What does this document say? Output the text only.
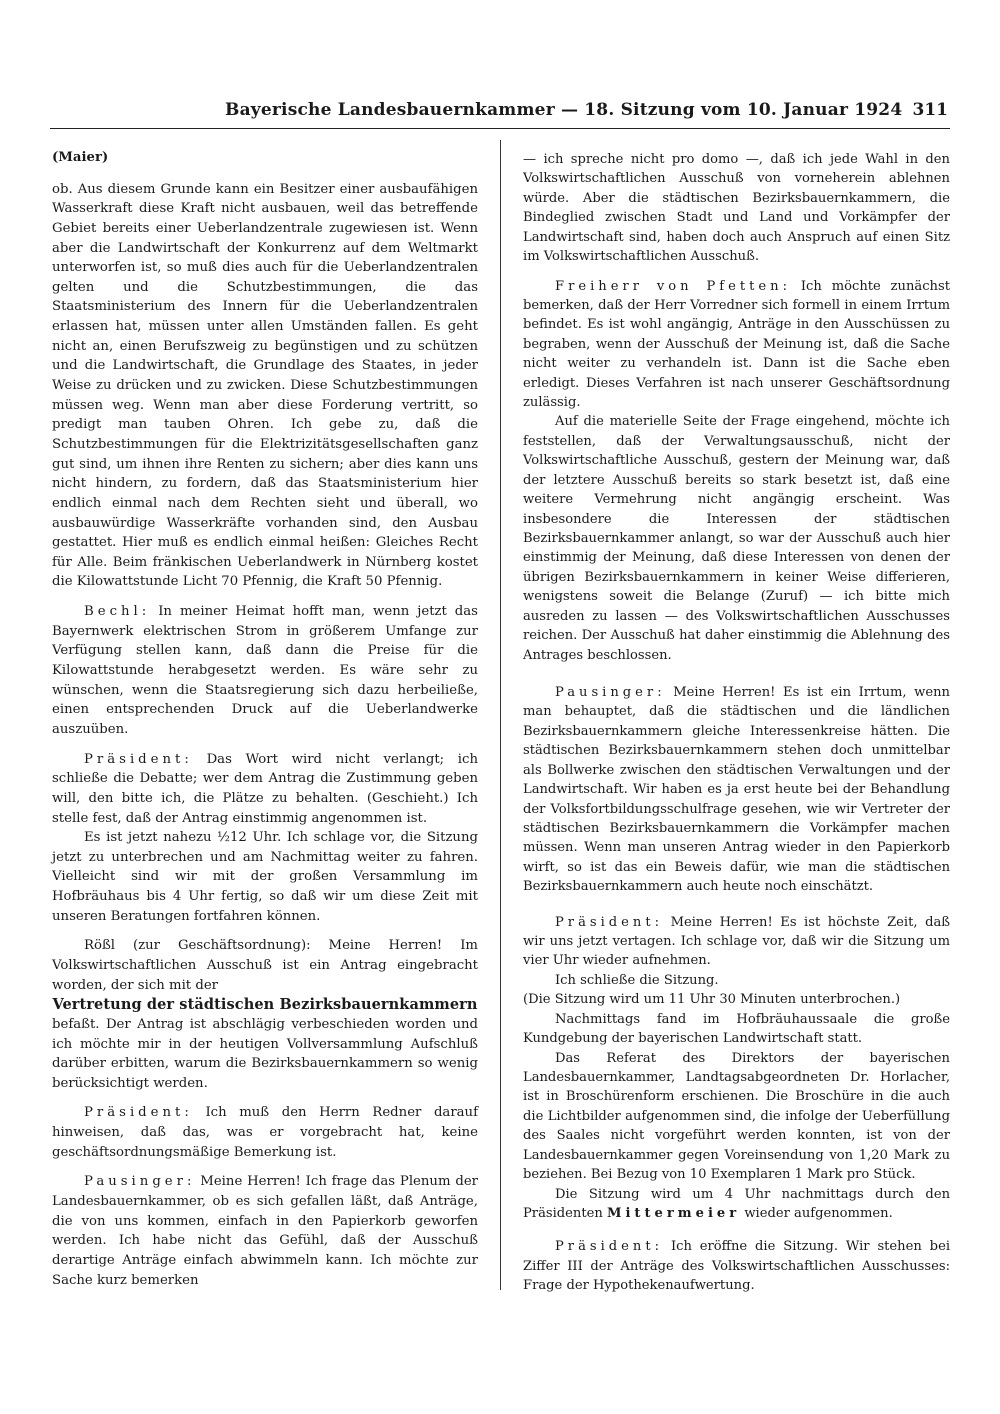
Bayerische Landesbauernkammer — 18. Sitzung vom 10. Januar 1924 311

(Maier)

ob. Aus diesem Grunde kann ein Besitzer einer ausbaufähigen Wasserkraft diese Kraft nicht ausbauen, weil das betreffende Gebiet bereits einer Ueberlandzentrale zugewiesen ist. Wenn aber die Landwirtschaft der Konkurrenz auf dem Weltmarkt unterworfen ist, so muß dies auch für die Ueberlandzentralen gelten und die Schutzbestimmungen, die das Staatsministerium des Innern für die Ueberlandzentralen erlassen hat, müssen unter allen Umständen fallen. Es geht nicht an, einen Berufszweig zu begünstigen und zu schützen und die Landwirtschaft, die Grundlage des Staates, in jeder Weise zu drücken und zu zwicken. Diese Schutzbestimmungen müssen weg. Wenn man aber diese Forderung vertritt, so predigt man tauben Ohren. Ich gebe zu, daß die Schutzbestimmungen für die Elektrizitätsgesellschaften ganz gut sind, um ihnen ihre Renten zu sichern; aber dies kann uns nicht hindern, zu fordern, daß das Staatsministerium hier endlich einmal nach dem Rechten sieht und überall, wo ausbauwürdige Wasserkräfte vorhanden sind, den Ausbau gestattet. Hier muß es endlich einmal heißen: Gleiches Recht für Alle. Beim fränkischen Ueberlandwerk in Nürnberg kostet die Kilowattstunde Licht 70 Pfennig, die Kraft 50 Pfennig.

Bechl: In meiner Heimat hofft man, wenn jetzt das Bayernwerk elektrischen Strom in größerem Umfange zur Verfügung stellen kann, daß dann die Preise für die Kilowattstunde herabgesetzt werden. Es wäre sehr zu wünschen, wenn die Staatsregierung sich dazu herbeiließe, einen entsprechenden Druck auf die Ueberlandwerke auszuüben.

Präsident: Das Wort wird nicht verlangt; ich schließe die Debatte; wer dem Antrag die Zustimmung geben will, den bitte ich, die Plätze zu behalten. (Geschieht.) Ich stelle fest, daß der Antrag einstimmig angenommen ist.

Es ist jetzt nahezu ½12 Uhr. Ich schlage vor, die Sitzung jetzt zu unterbrechen und am Nachmittag weiter zu fahren. Vielleicht sind wir mit der großen Versammlung im Hofbräuhaus bis 4 Uhr fertig, so daß wir um diese Zeit mit unseren Beratungen fortfahren können.

Rößl (zur Geschäftsordnung): Meine Herren! Im Volkswirtschaftlichen Ausschuß ist ein Antrag eingebracht worden, der sich mit der

Vertretung der städtischen Bezirksbauernkammern

befaßt. Der Antrag ist abschlägig verbeschieden worden und ich möchte mir in der heutigen Vollversammlung Aufschluß darüber erbitten, warum die Bezirksbauernkammern so wenig berücksichtigt werden.

Präsident: Ich muß den Herrn Redner darauf hinweisen, daß das, was er vorgebracht hat, keine geschäftsordnungsmäßige Bemerkung ist.

Pausinger: Meine Herren! Ich frage das Plenum der Landesbauernkammer, ob es sich gefallen läßt, daß Anträge, die von uns kommen, einfach in den Papierkorb geworfen werden. Ich habe nicht das Gefühl, daß der Ausschuß derartige Anträge einfach abwimmeln kann. Ich möchte zur Sache kurz bemerken

— ich spreche nicht pro domo —, daß ich jede Wahl in den Volkswirtschaftlichen Ausschuß von vorneherein ablehnen würde. Aber die städtischen Bezirksbauernkammern, die Bindeglied zwischen Stadt und Land und Vorkämpfer der Landwirtschaft sind, haben doch auch Anspruch auf einen Sitz im Volkswirtschaftlichen Ausschuß.

Freiherr von Pfetten: Ich möchte zunächst bemerken, daß der Herr Vorredner sich formell in einem Irrtum befindet. Es ist wohl angängig, Anträge in den Ausschüssen zu begraben, wenn der Ausschuß der Meinung ist, daß die Sache nicht weiter zu verhandeln ist. Dann ist die Sache eben erledigt. Dieses Verfahren ist nach unserer Geschäftsordnung zulässig.

Auf die materielle Seite der Frage eingehend, möchte ich feststellen, daß der Verwaltungsausschuß, nicht der Volkswirtschaftliche Ausschuß, gestern der Meinung war, daß der letztere Ausschuß bereits so stark besetzt ist, daß eine weitere Vermehrung nicht angängig erscheint. Was insbesondere die Interessen der städtischen Bezirksbauernkammer anlangt, so war der Ausschuß auch hier einstimmig der Meinung, daß diese Interessen von denen der übrigen Bezirksbauernkammern in keiner Weise differieren, wenigstens soweit die Belange (Zuruf) — ich bitte mich ausreden zu lassen — des Volkswirtschaftlichen Ausschusses reichen. Der Ausschuß hat daher einstimmig die Ablehnung des Antrages beschlossen.

Pausinger: Meine Herren! Es ist ein Irrtum, wenn man behauptet, daß die städtischen und die ländlichen Bezirksbauernkammern gleiche Interessenkreise hätten. Die städtischen Bezirksbauernkammern stehen doch unmittelbar als Bollwerke zwischen den städtischen Verwaltungen und der Landwirtschaft. Wir haben es ja erst heute bei der Behandlung der Volksfortbildungsschulfrage gesehen, wie wir Vertreter der städtischen Bezirksbauernkammern die Vorkämpfer machen müssen. Wenn man unseren Antrag wieder in den Papierkorb wirft, so ist das ein Beweis dafür, wie man die städtischen Bezirksbauernkammern auch heute noch einschätzt.

Präsident: Meine Herren! Es ist höchste Zeit, daß wir uns jetzt vertagen. Ich schlage vor, daß wir die Sitzung um vier Uhr wieder aufnehmen.

Ich schließe die Sitzung.

(Die Sitzung wird um 11 Uhr 30 Minuten unterbrochen.)

Nachmittags fand im Hofbräuhaussaale die große Kundgebung der bayerischen Landwirtschaft statt.

Das Referat des Direktors der bayerischen Landesbauernkammer, Landtagsabgeordneten Dr. Horlacher, ist in Broschürenform erschienen. Die Broschüre in die auch die Lichtbilder aufgenommen sind, die infolge der Ueberfüllung des Saales nicht vorgeführt werden konnten, ist von der Landesbauernkammer gegen Voreinsendung von 1,20 Mark zu beziehen. Bei Bezug von 10 Exemplaren 1 Mark pro Stück.

Die Sitzung wird um 4 Uhr nachmittags durch den Präsidenten Mittermeier wieder aufgenommen.

Präsident: Ich eröffne die Sitzung. Wir stehen bei Ziffer III der Anträge des Volkswirtschaftlichen Ausschusses: Frage der Hypothekenaufwertung.
